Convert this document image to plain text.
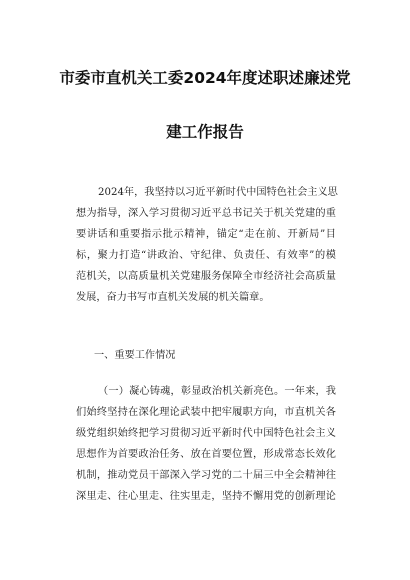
市委市直机关工委2024年度述职述廉述党
建工作报告
2024年，我坚持以习近平新时代中国特色社会主义思
想为指导，深入学习贯彻习近平总书记关于机关党建的重
要讲话和重要指示批示精神，锚定“走在前、开新局”目
标，聚力打造“讲政治、守纪律、负责任、有效率”的模
范机关，以高质量机关党建服务保障全市经济社会高质量
发展，奋力书写市直机关发展的机关篇章。
一、重要工作情况
（一）凝心铸魂，彰显政治机关新亮色。一年来，我
们始终坚持在深化理论武装中把牢履职方向，市直机关各
级党组织始终把学习贯彻习近平新时代中国特色社会主义
思想作为首要政治任务、放在首要位置，形成常态长效化
机制，推动党员干部深入学习党的二十届三中全会精神往
深里走、往心里走、往实里走，坚持不懈用党的创新理论
